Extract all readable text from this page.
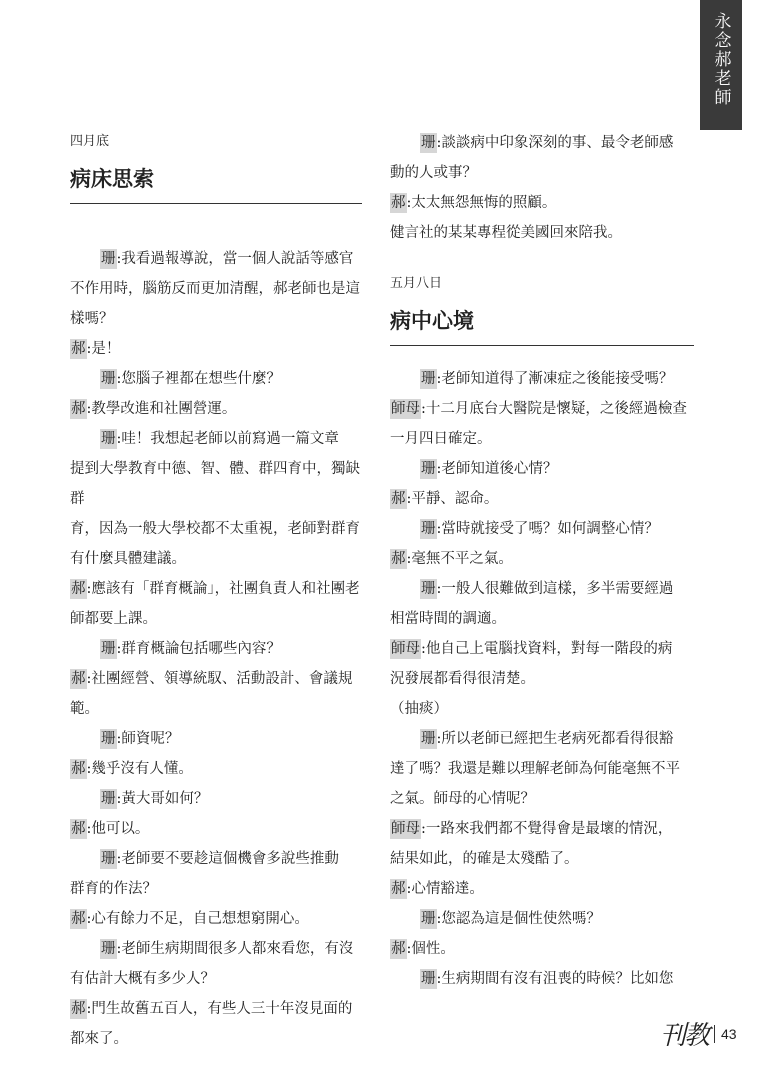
永念郝老師
四月底
病床思索
珊:我看過報導說，當一個人說話等感官
不作用時，腦筋反而更加清醒，郝老師也是這
樣嗎？
郝:是！
珊:您腦子裡都在想些什麼？
郝:教學改進和社團營運。
珊:哇！我想起老師以前寫過一篇文章
提到大學教育中德、智、體、群四育中，獨缺群
育，因為一般大學校都不太重視，老師對群育
有什麼具體建議。
郝:應該有「群育概論」，社團負責人和社團老
師都要上課。
珊:群育概論包括哪些內容？
郝:社團經營、領導統馭、活動設計、會議規
範。
珊:師資呢？
郝:幾乎沒有人懂。
珊:黃大哥如何？
郝:他可以。
珊:老師要不要趁這個機會多說些推動
群育的作法？
郝:心有餘力不足，自己想想窮開心。
珊:老師生病期間很多人都來看您，有沒
有估計大概有多少人？
郝:門生故舊五百人，有些人三十年沒見面的
都來了。
珊:談談病中印象深刻的事、最令老師感
動的人或事？
郝:太太無怨無悔的照顧。
健言社的某某專程從美國回來陪我。
五月八日
病中心境
珊:老師知道得了漸凍症之後能接受嗎？
師母:十二月底台大醫院是懷疑，之後經過檢查
一月四日確定。
珊:老師知道後心情？
郝:平靜、認命。
珊:當時就接受了嗎？如何調整心情？
郝:毫無不平之氣。
珊:一般人很難做到這樣，多半需要經過
相當時間的調適。
師母:他自己上電腦找資料，對每一階段的病
況發展都看得很清楚。
（抽痰）
珊:所以老師已經把生老病死都看得很豁
達了嗎？我還是難以理解老師為何能毫無不平
之氣。師母的心情呢？
師母:一路來我們都不覺得會是最壞的情況，
結果如此，的確是太殘酷了。
郝:心情豁達。
珊:您認為這是個性使然嗎？
郝:個性。
珊:生病期間有沒有沮喪的時候？比如您
刊教 43
